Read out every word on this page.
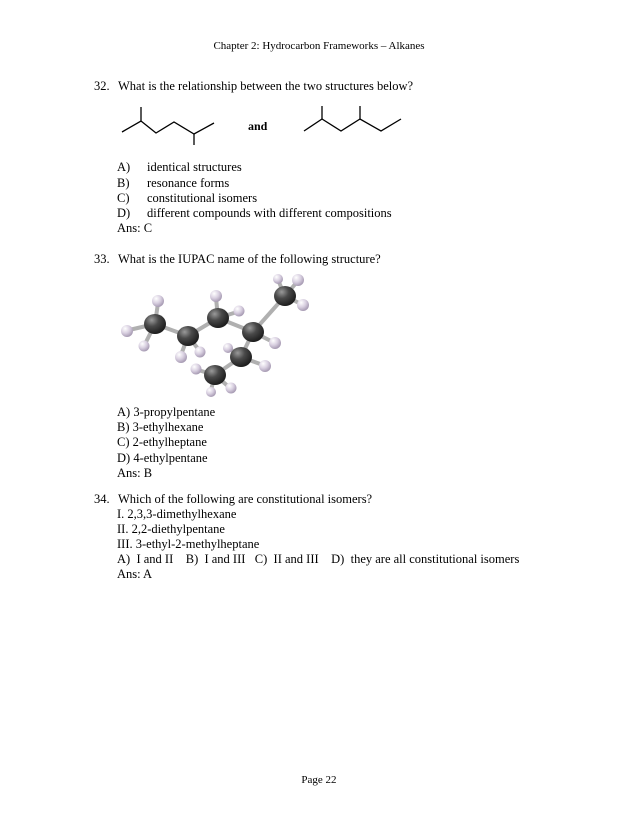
Chapter 2: Hydrocarbon Frameworks – Alkanes
32. What is the relationship between the two structures below?
and
A) identical structures
B) resonance forms
C) constitutional isomers
D) different compounds with different compositions
Ans: C
33. What is the IUPAC name of the following structure?
A) 3-propylpentane
B) 3-ethylhexane
C) 2-ethylheptane
D) 4-ethylpentane
Ans: B
34. Which of the following are constitutional isomers?
I. 2,3,3-dimethylhexane
II. 2,2-diethylpentane
III. 3-ethyl-2-methylheptane
A)  I and II    B)  I and III   C)  II and III    D)  they are all constitutional isomers
Ans: A
Page 22
